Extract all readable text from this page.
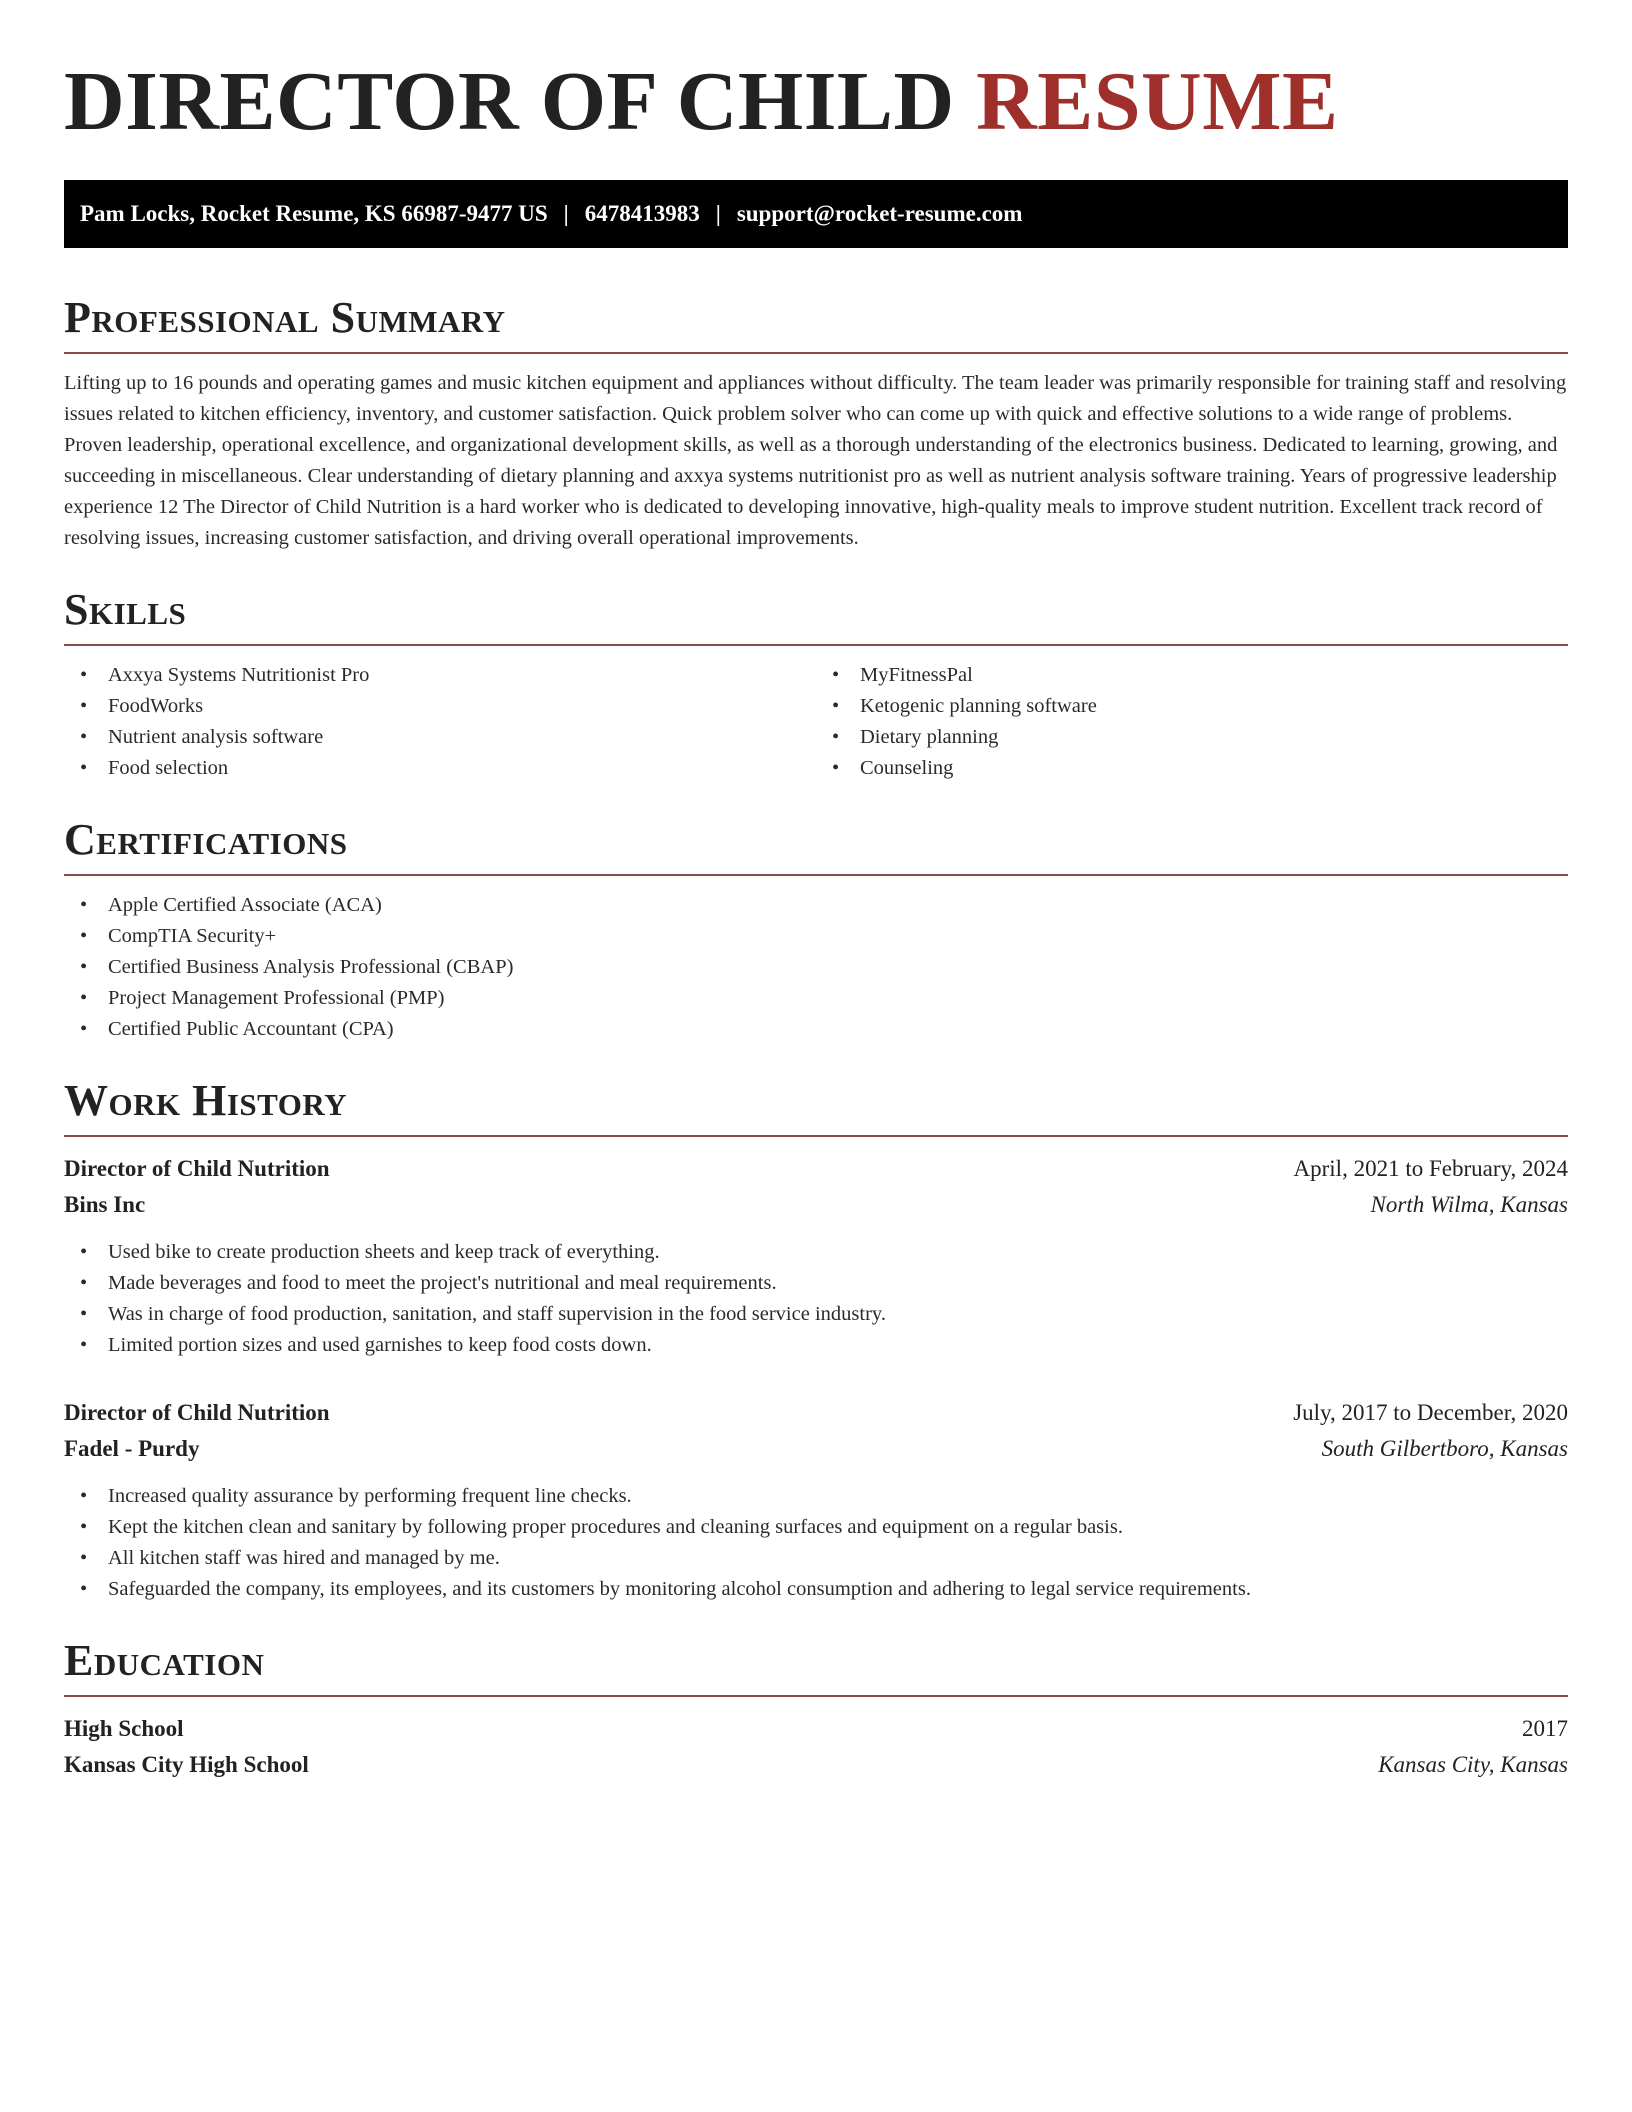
DIRECTOR OF CHILD RESUME
Pam Locks, Rocket Resume, KS 66987-9477 US | 6478413983 | support@rocket-resume.com
Professional Summary

Lifting up to 16 pounds and operating games and music kitchen equipment and appliances without difficulty. The team leader was primarily responsible for training staff and resolving issues related to kitchen efficiency, inventory, and customer satisfaction. Quick problem solver who can come up with quick and effective solutions to a wide range of problems. Proven leadership, operational excellence, and organizational development skills, as well as a thorough understanding of the electronics business. Dedicated to learning, growing, and succeeding in miscellaneous. Clear understanding of dietary planning and axxya systems nutritionist pro as well as nutrient analysis software training. Years of progressive leadership experience 12 The Director of Child Nutrition is a hard worker who is dedicated to developing innovative, high-quality meals to improve student nutrition. Excellent track record of resolving issues, increasing customer satisfaction, and driving overall operational improvements.

Skills
• Axxya Systems Nutritionist Pro
• FoodWorks
• Nutrient analysis software
• Food selection
• MyFitnessPal
• Ketogenic planning software
• Dietary planning
• Counseling
Certifications
• Apple Certified Associate (ACA)
• CompTIA Security+
• Certified Business Analysis Professional (CBAP)
• Project Management Professional (PMP)
• Certified Public Accountant (CPA)
Work History
Director of Child Nutrition	April, 2021 to February, 2024
Bins Inc	North Wilma, Kansas
• Used bike to create production sheets and keep track of everything.
• Made beverages and food to meet the project's nutritional and meal requirements.
• Was in charge of food production, sanitation, and staff supervision in the food service industry.
• Limited portion sizes and used garnishes to keep food costs down.
Director of Child Nutrition	July, 2017 to December, 2020
Fadel - Purdy	South Gilbertboro, Kansas
• Increased quality assurance by performing frequent line checks.
• Kept the kitchen clean and sanitary by following proper procedures and cleaning surfaces and equipment on a regular basis.
• All kitchen staff was hired and managed by me.
• Safeguarded the company, its employees, and its customers by monitoring alcohol consumption and adhering to legal service requirements.
Education
High School	2017
Kansas City High School	Kansas City, Kansas
